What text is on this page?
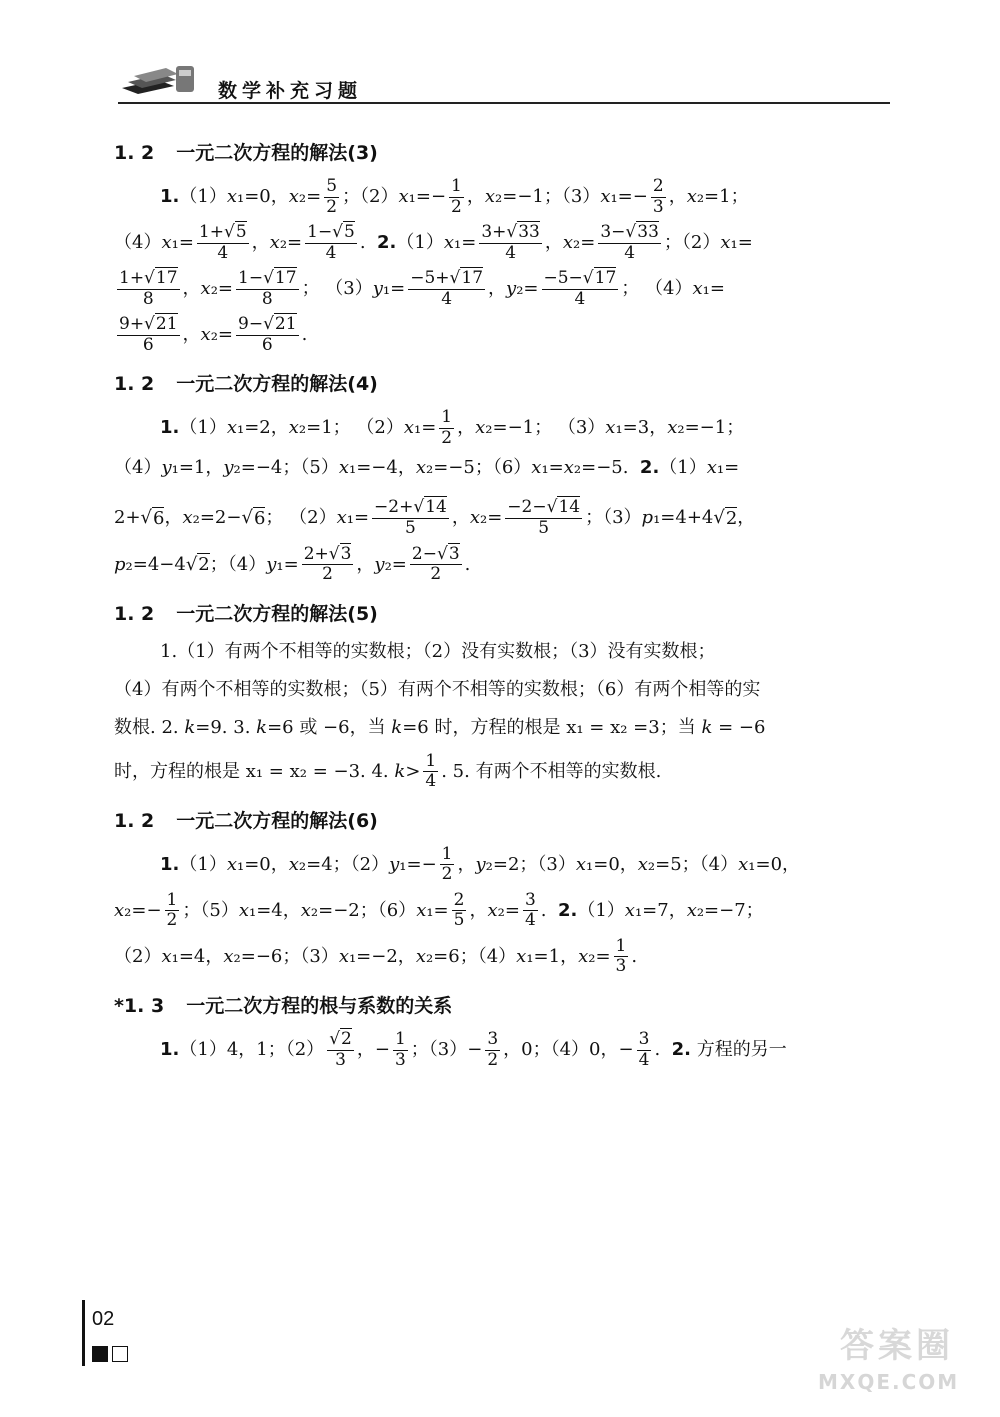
数学补充习题
1. 2 一元二次方程的解法(3)
1.（1）x₁=0，$x_2= \frac{5}{2}$ ；$(2)x_1=- \frac{1}{2}$ ，x₂=−1；$(3)x_1=- \frac{2}{3}$ ，x₂=1；
$(4)x_1= \frac{1+√5}{4}$ ，$x_2= \frac{1-√5}{4}$ .  $2.(1)x_1= \frac{3+√33}{4}$ ，$x_2= \frac{3-√33}{4}$ ；（2）x₁=
$\frac{1+√17}{8}$ ，$x_2= \frac{1-√17}{8}$ ； $(3)y_1= \frac{-5+√17}{4}$ ，$y_2= \frac{-5-√17}{4}$ ； （4）x₁=
$\frac{9+√21}{6}$ ，$x_2= \frac{9-√21}{6}$ .
1. 2 一元二次方程的解法(4)
1.（1）x₁=2，x₂=1； $(2)x_1= \frac{1}{2}$ ，x₂=−1； （3）x₁=3，x₂=−1；
（4）y₁=1，y₂=−4；（5）x₁=−4，x₂=−5；（6）x₁=x₂=−5.  2.（1）x₁=
2+√6，x₂=2−√6； $(2)x_1= \frac{-2+√14}{5}$ ，$x_2= \frac{-2-√14}{5}$ ；（3）p₁=4+4√2，
p₂=4−4√2；$(4)y_1= \frac{2+√3}{2}$ ，$y_2= \frac{2-√3}{2}$ .
1. 2 一元二次方程的解法(5)
1.（1）有两个不相等的实数根；（2）没有实数根；（3）没有实数根；
（4）有两个不相等的实数根；（5）有两个不相等的实数根；（6）有两个相等的实
数根. 2. k=9. 3. k=6 或 −6，当 k=6 时，方程的根是 x₁ = x₂ =3；当 k = −6
时，方程的根是 x₁ = x₂ = −3. 4. $k> \frac{1}{4}$ . 5. 有两个不相等的实数根.
1. 2 一元二次方程的解法(6)
1.（1）x₁=0，x₂=4；$(2)y_1=- \frac{1}{2}$ ，y₂=2；（3）x₁=0，x₂=5；（4）x₁=0，
$x_2=- \frac{1}{2}$ ；（5）x₁=4，x₂=−2；$(6)x_1= \frac{2}{5}$ ，$x_2= \frac{3}{4}$ .  2.（1）x₁=7，x₂=−7；
（2）x₁=4，x₂=−6；（3）x₁=−2，x₂=6；（4）x₁=1，$x_2= \frac{1}{3}$ .
*1. 3 一元二次方程的根与系数的关系
1.（1）4，1；$(2) \frac{√2}{3}$ ，− $\frac{1}{3}$ ；$(3)- \frac{3}{2}$ ，0；（4）0，− $\frac{3}{4}$ .  2. 方程的另一
02
答案圈
MXQE.COM
